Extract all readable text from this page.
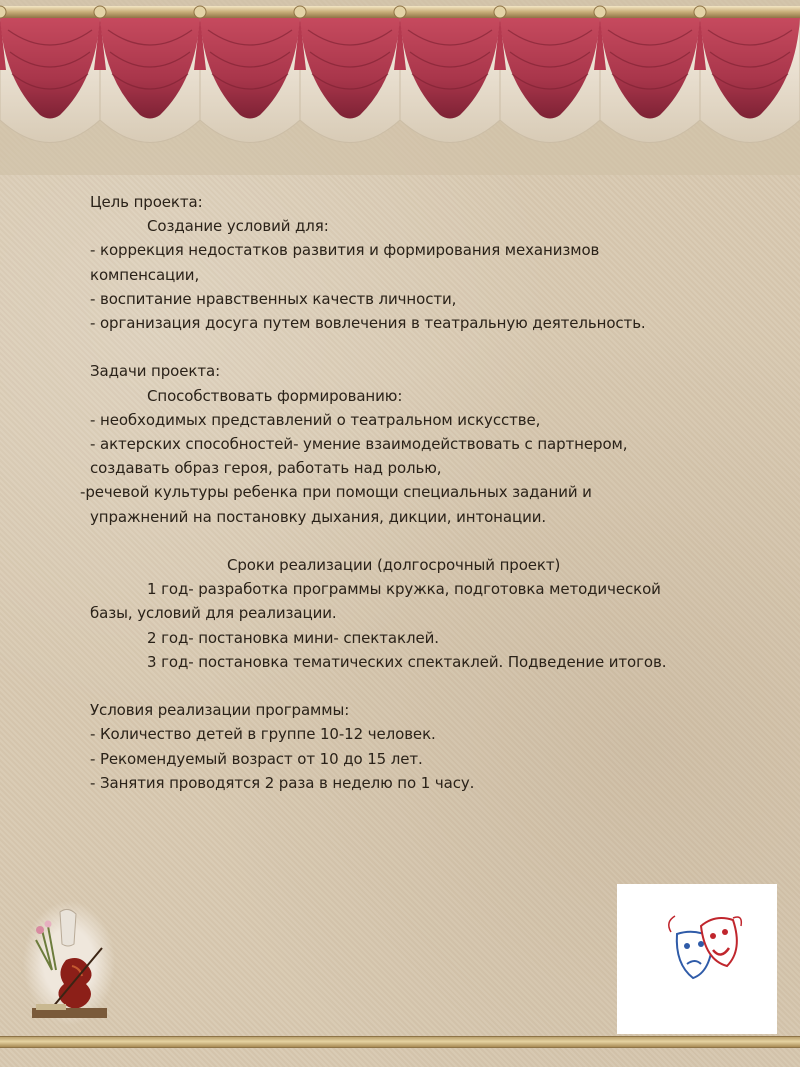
Цель проекта:
Создание условий для:
- коррекция недостатков развития и формирования механизмов
компенсации,
- воспитание нравственных качеств личности,
- организация досуга путем вовлечения в театральную деятельность.
Задачи проекта:
Способствовать формированию:
- необходимых представлений о театральном искусстве,
- актерских способностей- умение взаимодействовать с партнером,
создавать образ героя, работать над ролью,
-речевой культуры ребенка при помощи специальных заданий и
упражнений на постановку дыхания, дикции, интонации.
Сроки реализации (долгосрочный проект)
1 год- разработка программы кружка, подготовка методической
базы, условий для реализации.
2 год- постановка мини- спектаклей.
3 год- постановка тематических спектаклей. Подведение итогов.
Условия реализации программы:
- Количество детей в группе 10-12 человек.
- Рекомендуемый возраст от 10 до 15 лет.
- Занятия проводятся 2 раза в неделю по 1 часу.
